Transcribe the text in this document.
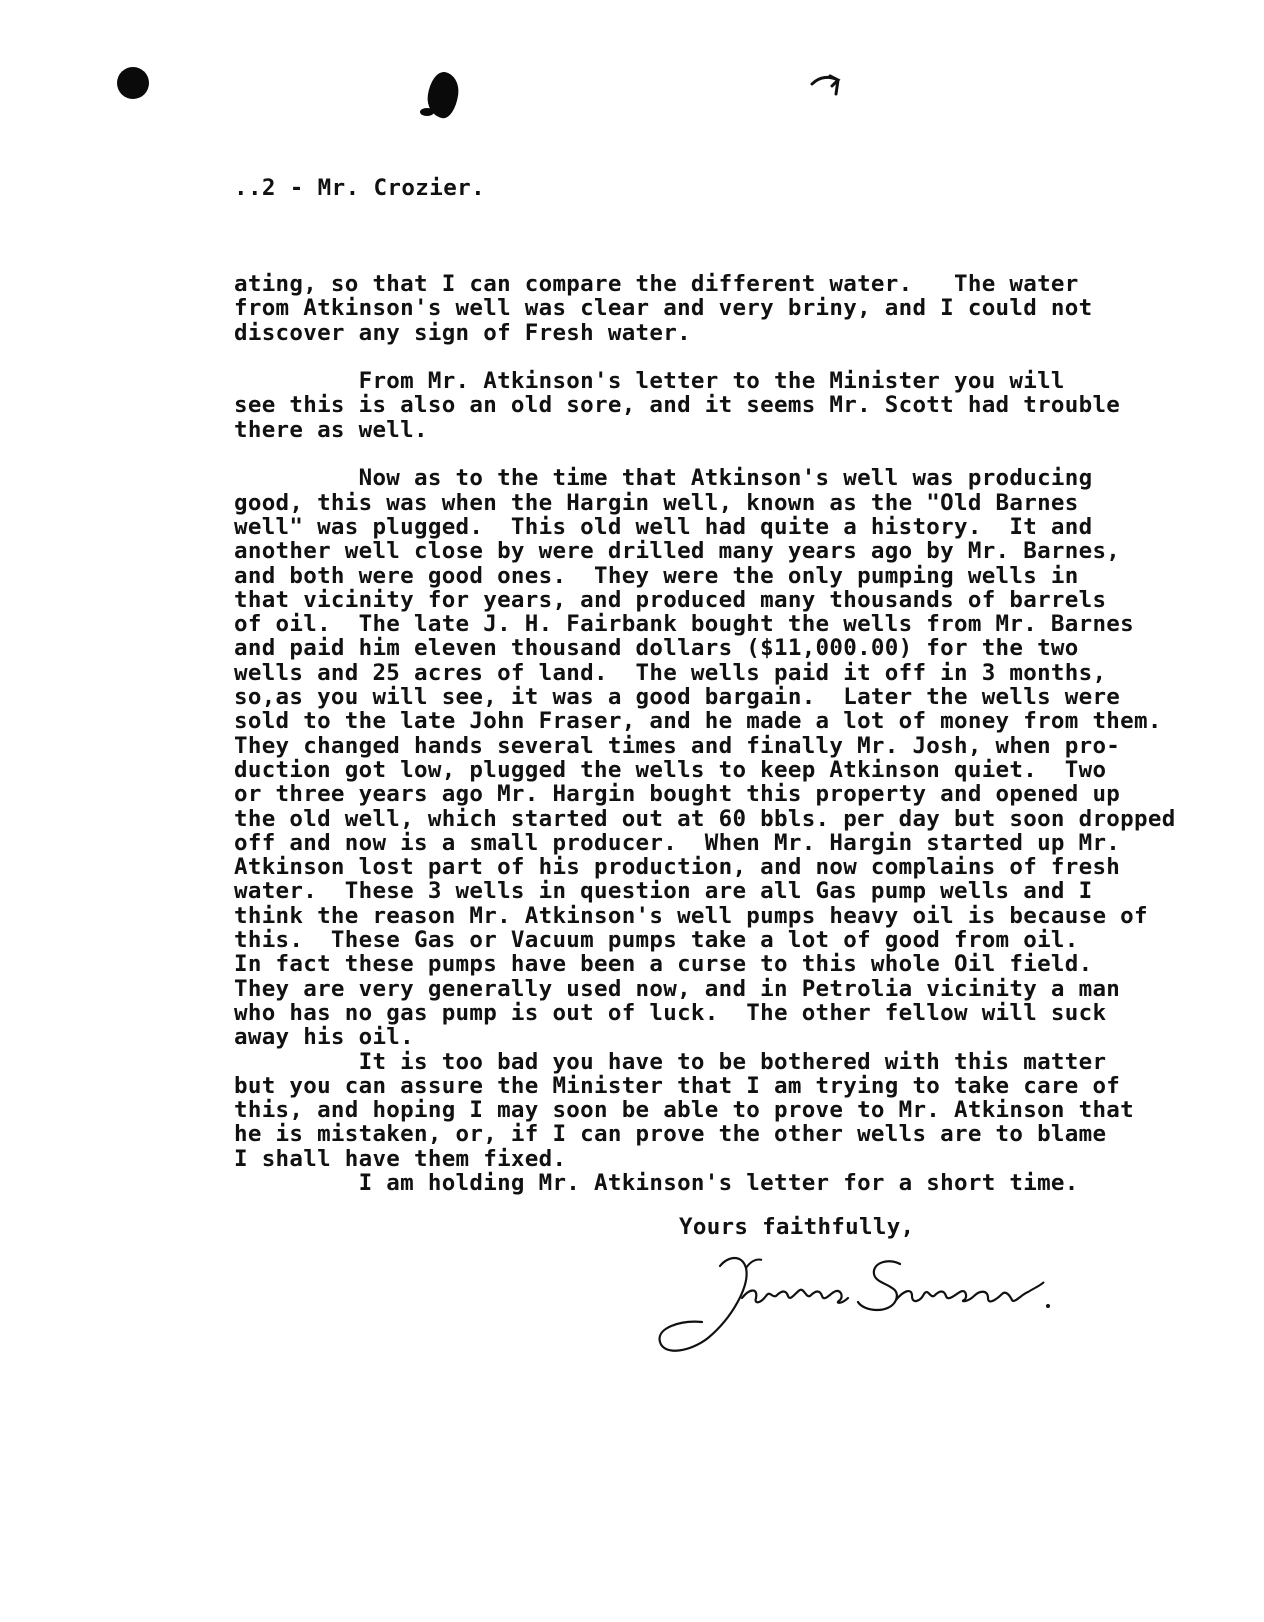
..2 - Mr. Crozier.
ating, so that I can compare the different water.   The water
from Atkinson's well was clear and very briny, and I could not
discover any sign of Fresh water.
From Mr. Atkinson's letter to the Minister you will
see this is also an old sore, and it seems Mr. Scott had trouble
there as well.
Now as to the time that Atkinson's well was producing
good, this was when the Hargin well, known as the "Old Barnes
well" was plugged.  This old well had quite a history.  It and
another well close by were drilled many years ago by Mr. Barnes,
and both were good ones.  They were the only pumping wells in
that vicinity for years, and produced many thousands of barrels
of oil.  The late J. H. Fairbank bought the wells from Mr. Barnes
and paid him eleven thousand dollars ($11,000.00) for the two
wells and 25 acres of land.  The wells paid it off in 3 months,
so,as you will see, it was a good bargain.  Later the wells were
sold to the late John Fraser, and he made a lot of money from them.
They changed hands several times and finally Mr. Josh, when pro-
duction got low, plugged the wells to keep Atkinson quiet.  Two
or three years ago Mr. Hargin bought this property and opened up
the old well, which started out at 60 bbls. per day but soon dropped
off and now is a small producer.  When Mr. Hargin started up Mr.
Atkinson lost part of his production, and now complains of fresh
water.  These 3 wells in question are all Gas pump wells and I
think the reason Mr. Atkinson's well pumps heavy oil is because of
this.  These Gas or Vacuum pumps take a lot of good from oil.
In fact these pumps have been a curse to this whole Oil field.
They are very generally used now, and in Petrolia vicinity a man
who has no gas pump is out of luck.  The other fellow will suck
away his oil.
It is too bad you have to be bothered with this matter
but you can assure the Minister that I am trying to take care of
this, and hoping I may soon be able to prove to Mr. Atkinson that
he is mistaken, or, if I can prove the other wells are to blame
I shall have them fixed.
I am holding Mr. Atkinson's letter for a short time.
Yours faithfully,
